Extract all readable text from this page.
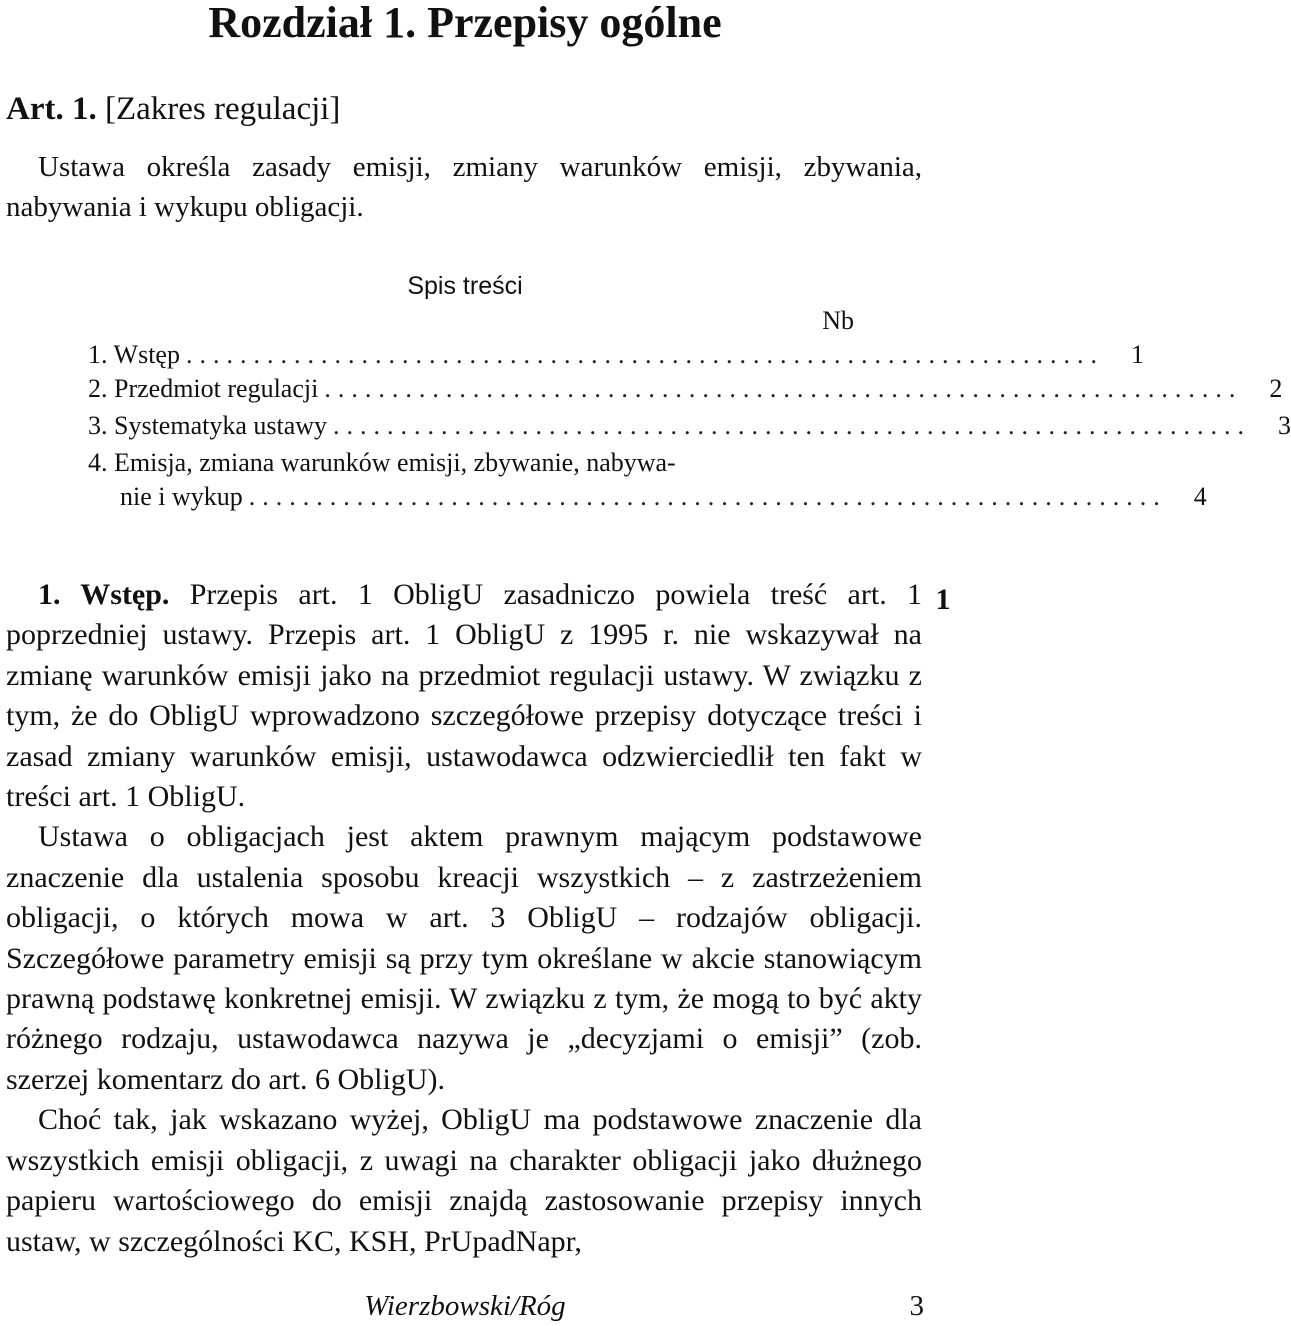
Rozdział 1. Przepisy ogólne
Art. 1. [Zakres regulacji]
Ustawa określa zasady emisji, zmiany warunków emisji, zbywania, nabywania i wykupu obligacji.
Spis treści
Nb
1. Wstęp ....................................................................	1
2. Przedmiot regulacji ....................................................................	2
3. Systematyka ustawy ....................................................................	3
4. Emisja, zmiana warunków emisji, zbywanie, nabywa-
nie i wykup ....................................................................	4
1

1. Wstęp. Przepis art. 1 ObligU zasadniczo powiela treść art. 1 poprzedniej ustawy. Przepis art. 1 ObligU z 1995 r. nie wskazywał na zmianę warunków emisji jako na przedmiot regulacji ustawy. W związku z tym, że do ObligU wprowadzono szczegółowe przepisy dotyczące treści i zasad zmiany warunków emisji, ustawodawca odzwierciedlił ten fakt w treści art. 1 ObligU.

Ustawa o obligacjach jest aktem prawnym mającym podstawowe znaczenie dla ustalenia sposobu kreacji wszystkich – z zastrzeżeniem obligacji, o których mowa w art. 3 ObligU – rodzajów obligacji. Szczegółowe parametry emisji są przy tym określane w akcie stanowiącym prawną podstawę konkretnej emisji. W związku z tym, że mogą to być akty różnego rodzaju, ustawodawca nazywa je „decyzjami o emisji” (zob. szerzej komentarz do art. 6 ObligU).

Choć tak, jak wskazano wyżej, ObligU ma podstawowe znaczenie dla wszystkich emisji obligacji, z uwagi na charakter obligacji jako dłużnego papieru wartościowego do emisji znajdą zastosowanie przepisy innych ustaw, w szczególności KC, KSH, PrUpadNapr,

Wierzbowski/Róg	3
